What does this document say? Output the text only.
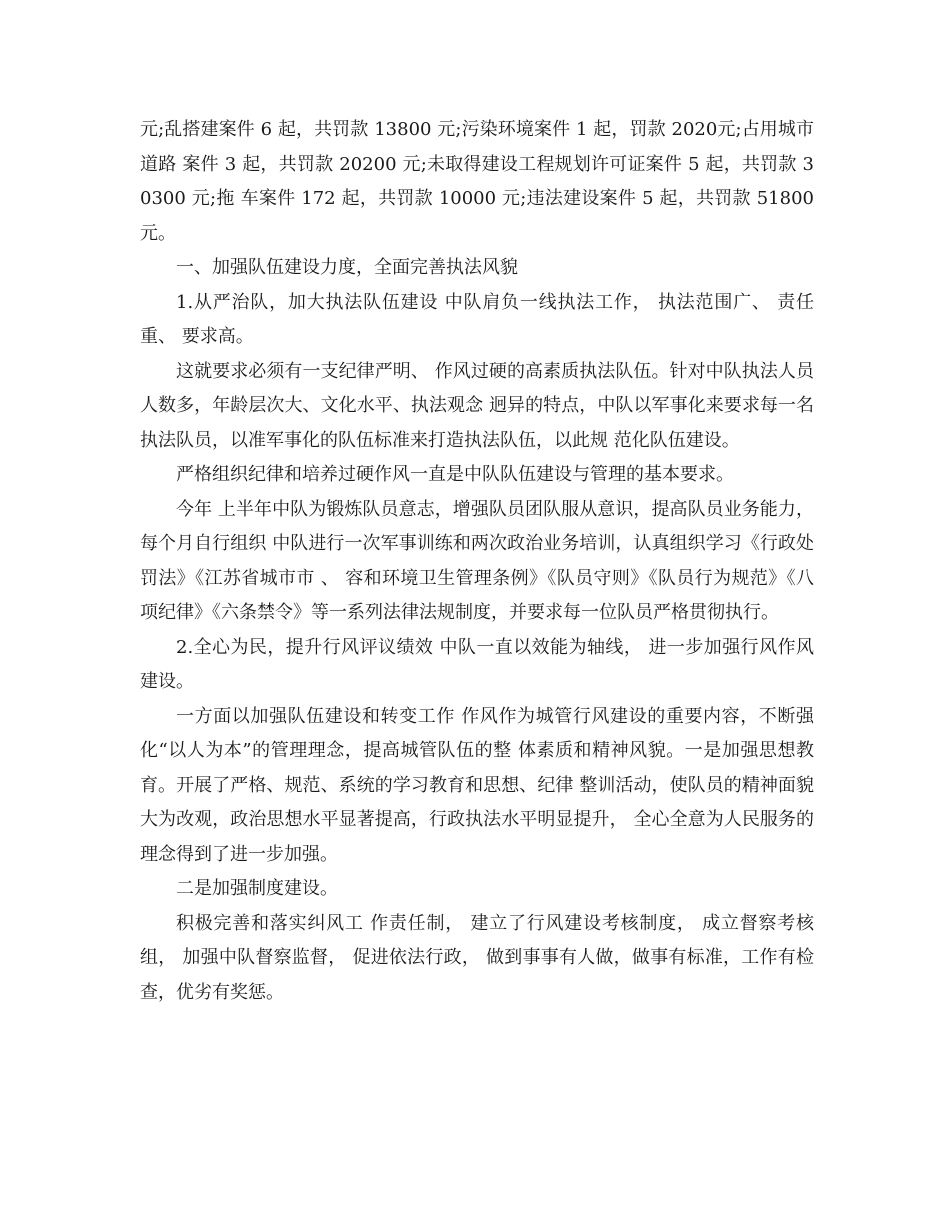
元;乱搭建案件 6 起，共罚款 13800 元;污染环境案件 1 起，罚款 2020元;占用城市道路 案件 3 起，共罚款 20200 元;未取得建设工程规划许可证案件 5 起，共罚款 30300 元;拖 车案件 172 起，共罚款 10000 元;违法建设案件 5 起，共罚款 51800 元。

一、加强队伍建设力度，全面完善执法风貌

1.从严治队，加大执法队伍建设 中队肩负一线执法工作， 执法范围广、 责任重、 要求高。

这就要求必须有一支纪律严明、 作风过硬的高素质执法队伍。针对中队执法人员人数多，年龄层次大、文化水平、执法观念 迥异的特点，中队以军事化来要求每一名执法队员，以准军事化的队伍标准来打造执法队伍，以此规 范化队伍建设。

严格组织纪律和培养过硬作风一直是中队队伍建设与管理的基本要求。

今年 上半年中队为锻炼队员意志，增强队员团队服从意识，提高队员业务能力，每个月自行组织 中队进行一次军事训练和两次政治业务培训，认真组织学习《行政处罚法》《江苏省城市市 、 容和环境卫生管理条例》《队员守则》《队员行为规范》《八项纪律》《六条禁令》等一系列法律法规制度，并要求每一位队员严格贯彻执行。

2.全心为民，提升行风评议绩效 中队一直以效能为轴线， 进一步加强行风作风建设。

一方面以加强队伍建设和转变工作 作风作为城管行风建设的重要内容，不断强化“以人为本”的管理理念，提高城管队伍的整 体素质和精神风貌。一是加强思想教育。开展了严格、规范、系统的学习教育和思想、纪律 整训活动，使队员的精神面貌大为改观，政治思想水平显著提高，行政执法水平明显提升， 全心全意为人民服务的理念得到了进一步加强。

二是加强制度建设。

积极完善和落实纠风工 作责任制， 建立了行风建设考核制度， 成立督察考核组， 加强中队督察监督， 促进依法行政， 做到事事有人做，做事有标准，工作有检查，优劣有奖惩。
